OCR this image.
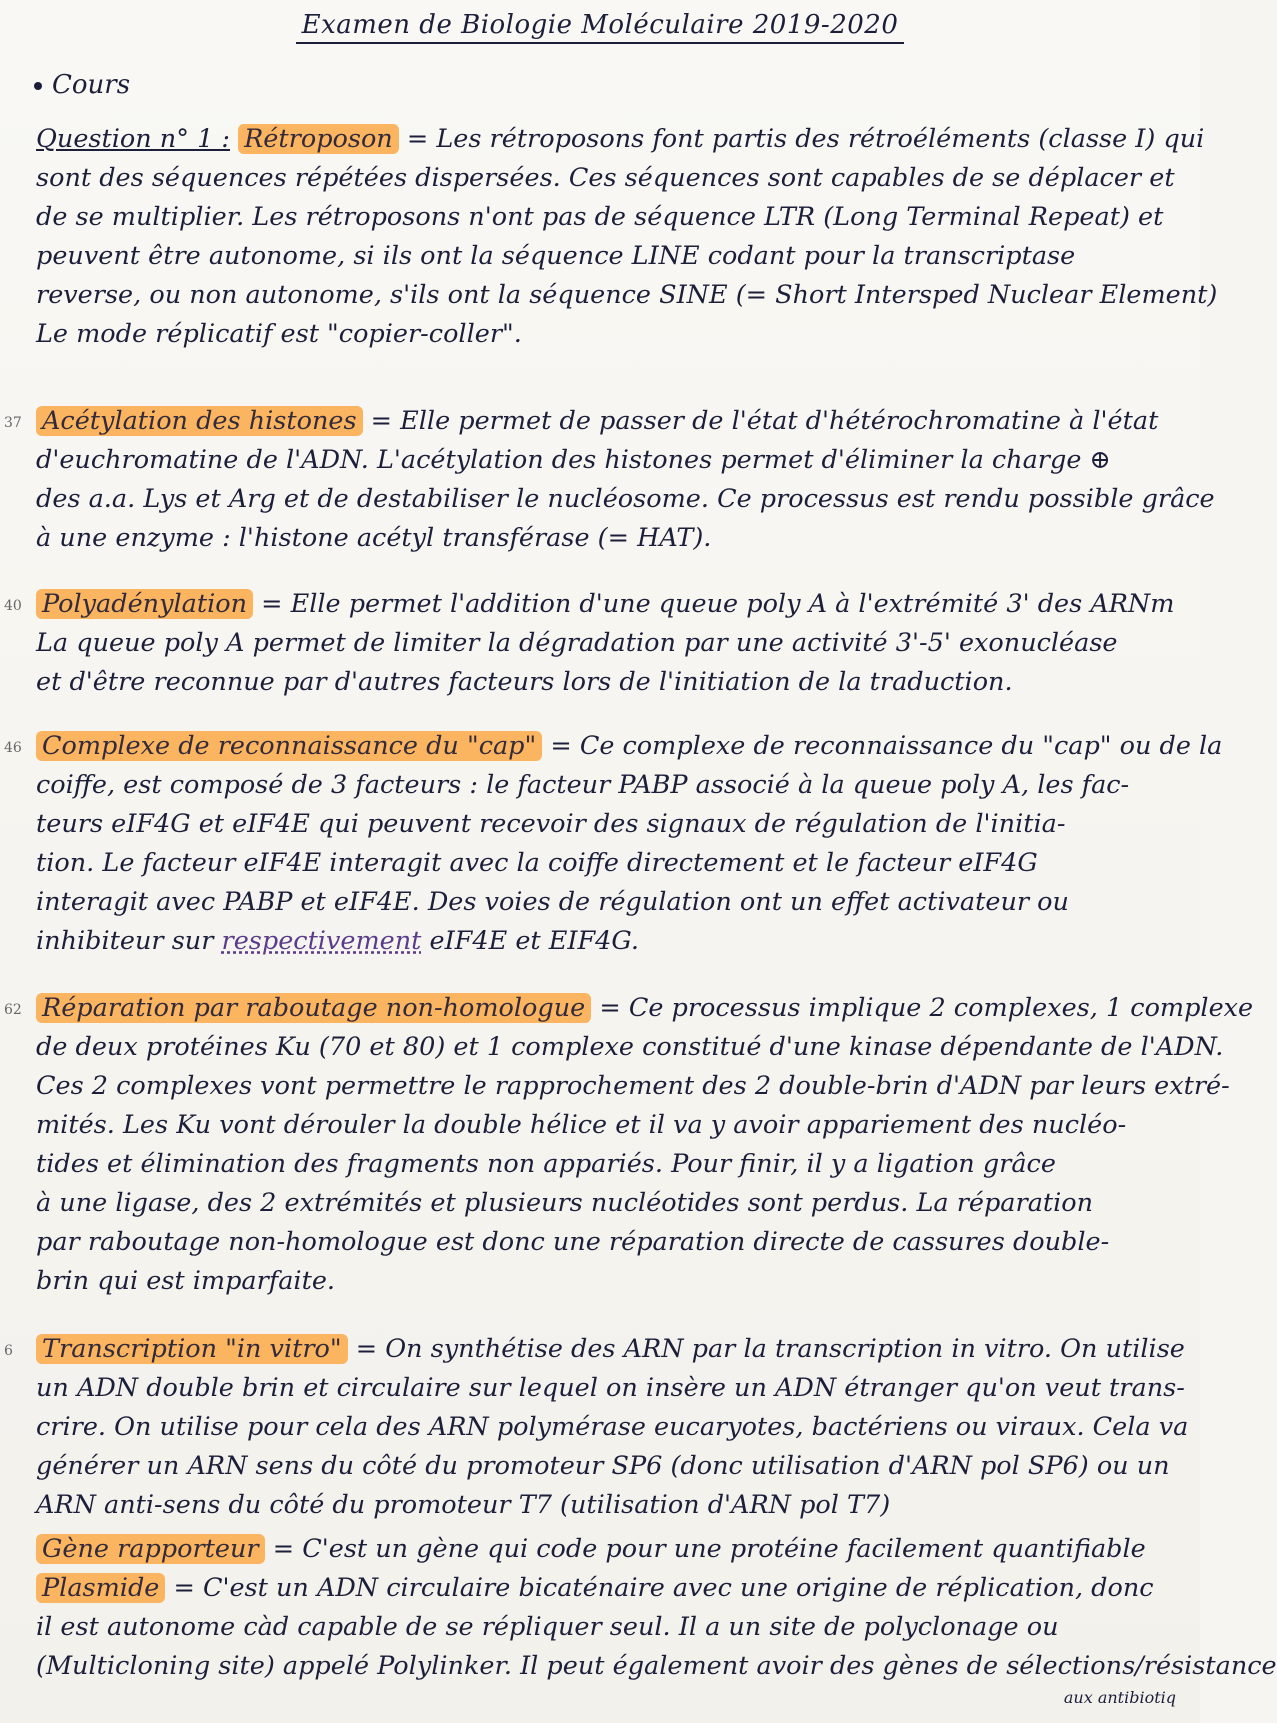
Examen de Biologie Moléculaire 2019-2020
Cours

Question n° 1 : Rétroposon = Les rétroposons font partis des rétroéléments (classe I) qui

sont des séquences répétées dispersées. Ces séquences sont capables de se déplacer et

de se multiplier. Les rétroposons n'ont pas de séquence LTR (Long Terminal Repeat) et

peuvent être autonome, si ils ont la séquence LINE codant pour la transcriptase

reverse, ou non autonome, s'ils ont la séquence SINE (= Short Intersped Nuclear Element)

Le mode réplicatif est "copier-coller".

37 Acétylation des histones = Elle permet de passer de l'état d'hétérochromatine à l'état

d'euchromatine de l'ADN. L'acétylation des histones permet d'éliminer la charge ⊕

des a.a. Lys et Arg et de destabiliser le nucléosome. Ce processus est rendu possible grâce

à une enzyme : l'histone acétyl transférase (= HAT).

40 Polyadénylation = Elle permet l'addition d'une queue poly A à l'extrémité 3' des ARNm

La queue poly A permet de limiter la dégradation par une activité 3'-5' exonucléase

et d'être reconnue par d'autres facteurs lors de l'initiation de la traduction.

46 Complexe de reconnaissance du "cap" = Ce complexe de reconnaissance du "cap" ou de la

coiffe, est composé de 3 facteurs : le facteur PABP associé à la queue poly A, les fac-

teurs eIF4G et eIF4E qui peuvent recevoir des signaux de régulation de l'initia-

tion. Le facteur eIF4E interagit avec la coiffe directement et le facteur eIF4G

interagit avec PABP et eIF4E. Des voies de régulation ont un effet activateur ou

inhibiteur sur respectivement eIF4E et EIF4G.

62 Réparation par raboutage non-homologue = Ce processus implique 2 complexes, 1 complexe

de deux protéines Ku (70 et 80) et 1 complexe constitué d'une kinase dépendante de l'ADN.

Ces 2 complexes vont permettre le rapprochement des 2 double-brin d'ADN par leurs extré-

mités. Les Ku vont dérouler la double hélice et il va y avoir appariement des nucléo-

tides et élimination des fragments non appariés. Pour finir, il y a ligation grâce

à une ligase, des 2 extrémités et plusieurs nucléotides sont perdus. La réparation

par raboutage non-homologue est donc une réparation directe de cassures double-

brin qui est imparfaite.

6 Transcription "in vitro" = On synthétise des ARN par la transcription in vitro. On utilise

un ADN double brin et circulaire sur lequel on insère un ADN étranger qu'on veut trans-

crire. On utilise pour cela des ARN polymérase eucaryotes, bactériens ou viraux. Cela va

générer un ARN sens du côté du promoteur SP6 (donc utilisation d'ARN pol SP6) ou un

ARN anti-sens du côté du promoteur T7 (utilisation d'ARN pol T7)

Gène rapporteur = C'est un gène qui code pour une protéine facilement quantifiable

Plasmide = C'est un ADN circulaire bicaténaire avec une origine de réplication, donc

il est autonome càd capable de se répliquer seul. Il a un site de polyclonage ou

(Multicloning site) appelé Polylinker. Il peut également avoir des gènes de sélections/résistance

aux antibiotiq
